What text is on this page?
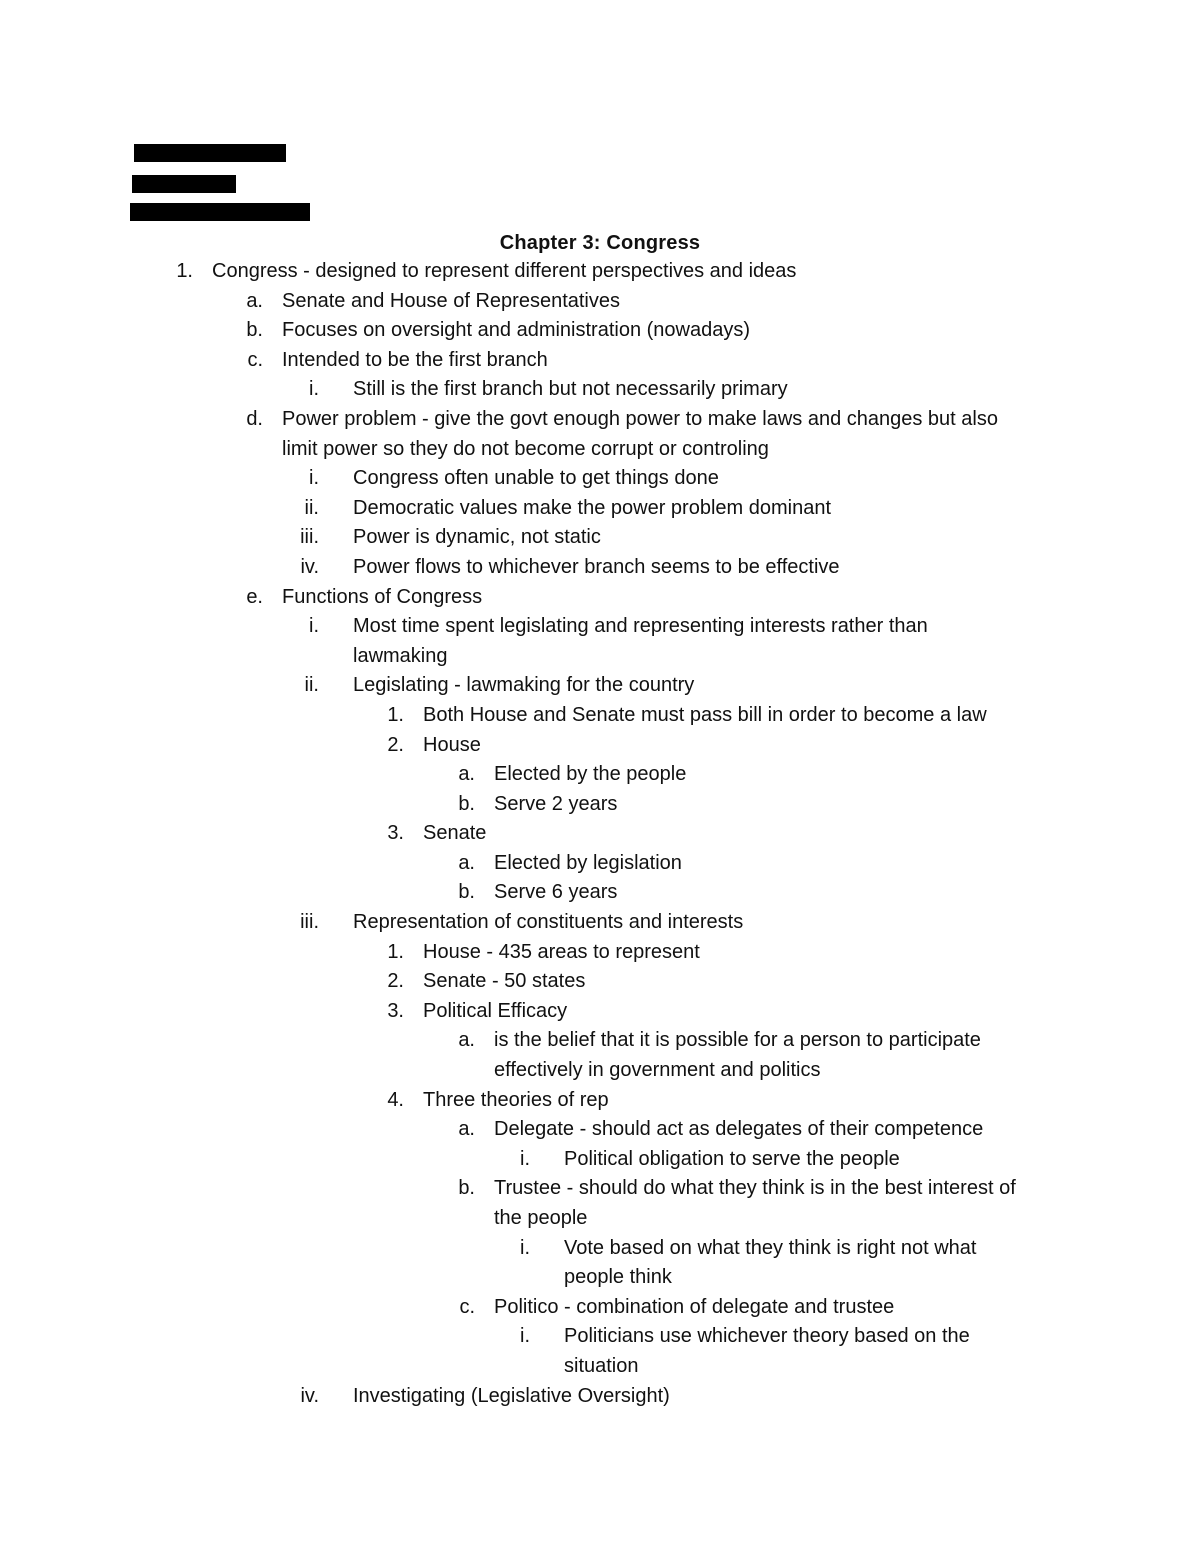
Chapter 3: Congress
1. Congress - designed to represent different perspectives and ideas
a. Senate and House of Representatives
b. Focuses on oversight and administration (nowadays)
c. Intended to be the first branch
i. Still is the first branch but not necessarily primary
d. Power problem - give the govt enough power to make laws and changes but also
limit power so they do not become corrupt or controling
i. Congress often unable to get things done
ii. Democratic values make the power problem dominant
iii. Power is dynamic, not static
iv. Power flows to whichever branch seems to be effective
e. Functions of Congress
i. Most time spent legislating and representing interests rather than
lawmaking
ii. Legislating - lawmaking for the country
1. Both House and Senate must pass bill in order to become a law
2. House
a. Elected by the people
b. Serve 2 years
3. Senate
a. Elected by legislation
b. Serve 6 years
iii. Representation of constituents and interests
1. House - 435 areas to represent
2. Senate - 50 states
3. Political Efficacy
a. is the belief that it is possible for a person to participate
effectively in government and politics
4. Three theories of rep
a. Delegate - should act as delegates of their competence
i. Political obligation to serve the people
b. Trustee - should do what they think is in the best interest of
the people
i. Vote based on what they think is right not what
people think
c. Politico - combination of delegate and trustee
i. Politicians use whichever theory based on the
situation
iv. Investigating (Legislative Oversight)
